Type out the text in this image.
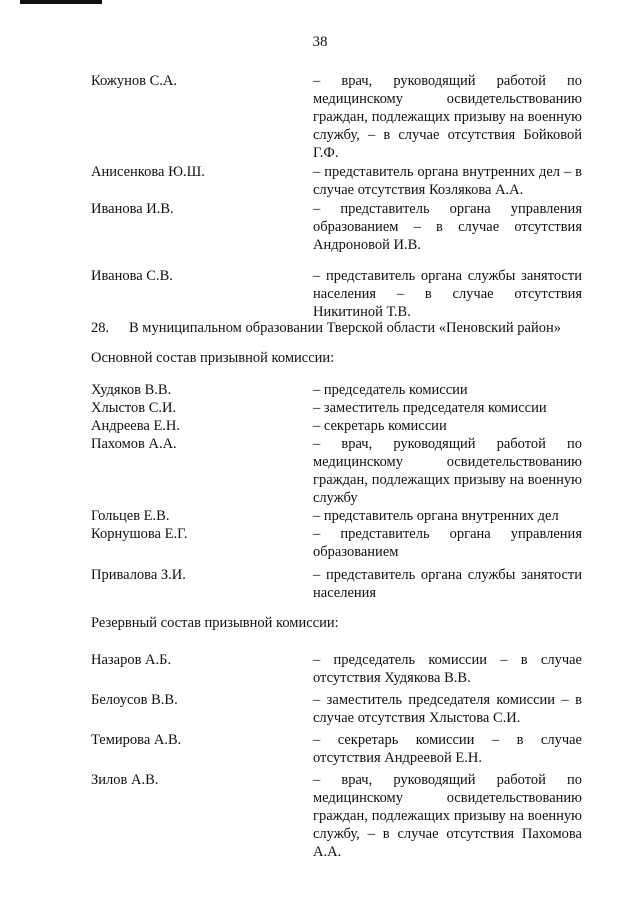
38
Кожунов С.А.	– врач, руководящий работой по медицинскому освидетельствованию граждан, подлежащих призыву на военную службу, – в случае отсутствия Бойковой Г.Ф.
Анисенкова Ю.Ш.	– представитель органа внутренних дел – в случае отсутствия Козлякова А.А.
Иванова И.В.	– представитель органа управления образованием – в случае отсутствия Андроновой И.В.
Иванова С.В.	– представитель органа службы занятости населения – в случае отсутствия Никитиной Т.В.
28. В муниципальном образовании Тверской области «Пеновский район»
Основной состав призывной комиссии:
Худяков В.В.	– председатель комиссии
Хлыстов С.И.	– заместитель председателя комиссии
Андреева Е.Н.	– секретарь комиссии
Пахомов А.А.	– врач, руководящий работой по медицинскому освидетельствованию граждан, подлежащих призыву на военную службу
Гольцев Е.В.	– представитель органа внутренних дел
Корнушова Е.Г.	– представитель органа управления образованием
Привалова З.И.	– представитель органа службы занятости населения
Резервный состав призывной комиссии:
Назаров А.Б.	– председатель комиссии – в случае отсутствия Худякова В.В.
Белоусов В.В.	– заместитель председателя комиссии – в случае отсутствия Хлыстова С.И.
Темирова А.В.	– секретарь комиссии – в случае отсутствия Андреевой Е.Н.
Зилов А.В.	– врач, руководящий работой по медицинскому освидетельствованию граждан, подлежащих призыву на военную службу, – в случае отсутствия Пахомова А.А.
